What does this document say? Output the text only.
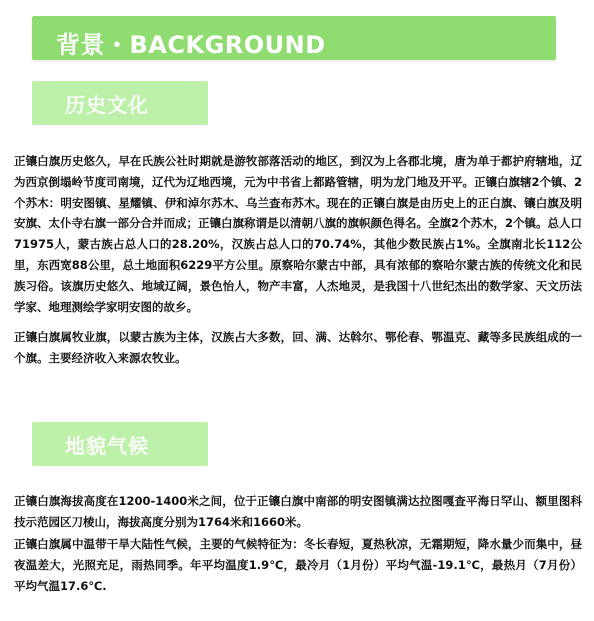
背景・BACKGROUND
历史文化

正镶白旗历史悠久，早在氏族公社时期就是游牧部落活动的地区，到汉为上各郡北境，唐为单于都护府辖地，辽为西京倒塌岭节度司南境，辽代为辽地西境，元为中书省上都路管辖，明为龙门地及开平。正镶白旗辖2个镇、2个苏木：明安图镇、星耀镇、伊和淖尔苏木、乌兰查布苏木。现在的正镶白旗是由历史上的正白旗、镶白旗及明安旗、太仆寺右旗一部分合并而成；正镶白旗称谓是以清朝八旗的旗帜颜色得名。全旗2个苏木，2个镇。总人口71975人，蒙古族占总人口的28.20%，汉族占总人口的70.74%，其他少数民族占1%。全旗南北长112公里，东西宽88公里，总土地面积6229平方公里。原察哈尔蒙古中部，具有浓郁的察哈尔蒙古族的传统文化和民族习俗。该旗历史悠久、地域辽阔，景色怡人，物产丰富，人杰地灵，是我国十八世纪杰出的数学家、天文历法学家、地理测绘学家明安图的故乡。

正镶白旗属牧业旗，以蒙古族为主体，汉族占大多数，回、满、达斡尔、鄂伦春、鄂温克、藏等多民族组成的一个旗。主要经济收入来源农牧业。

地貌气候

正镶白旗海拔高度在1200-1400米之间，位于正镶白旗中南部的明安图镇满达拉图嘎查平海日罕山、额里图科技示范园区刀棱山，海拔高度分别为1764米和1660米。

正镶白旗属中温带干旱大陆性气候，主要的气候特征为：冬长春短，夏热秋凉，无霜期短，降水量少而集中，昼夜温差大，光照充足，雨热同季。年平均温度1.9℃，最冷月（1月份）平均气温-19.1℃，最热月（7月份）平均气温17.6℃.
